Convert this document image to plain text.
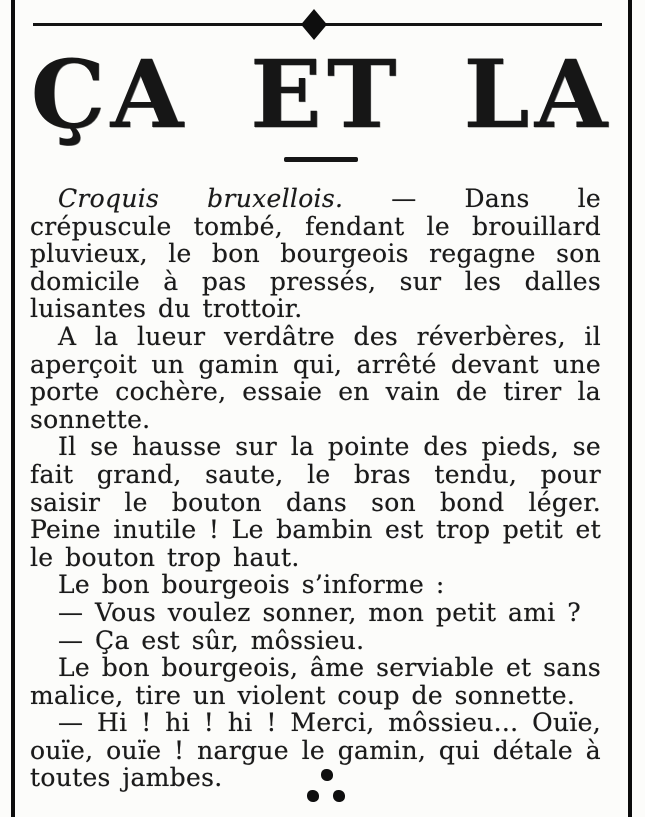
ÇA ET LA

Croquis bruxellois. — Dans le crépuscule tombé, fendant le brouillard pluvieux, le bon bourgeois regagne son domicile à pas pressés, sur les dalles luisantes du trottoir.

A la lueur verdâtre des réverbères, il aperçoit un gamin qui, arrêté devant une porte cochère, essaie en vain de tirer la sonnette.

Il se hausse sur la pointe des pieds, se fait grand, saute, le bras tendu, pour saisir le bouton dans son bond léger. Peine inutile ! Le bambin est trop petit et le bouton trop haut.

Le bon bourgeois s’informe :

— Vous voulez sonner, mon petit ami ?

— Ça est sûr, môssieu.

Le bon bourgeois, âme serviable et sans malice, tire un violent coup de sonnette.

— Hi ! hi ! hi ! Merci, môssieu... Ouïe, ouïe, ouïe ! nargue le gamin, qui détale à toutes jambes.
